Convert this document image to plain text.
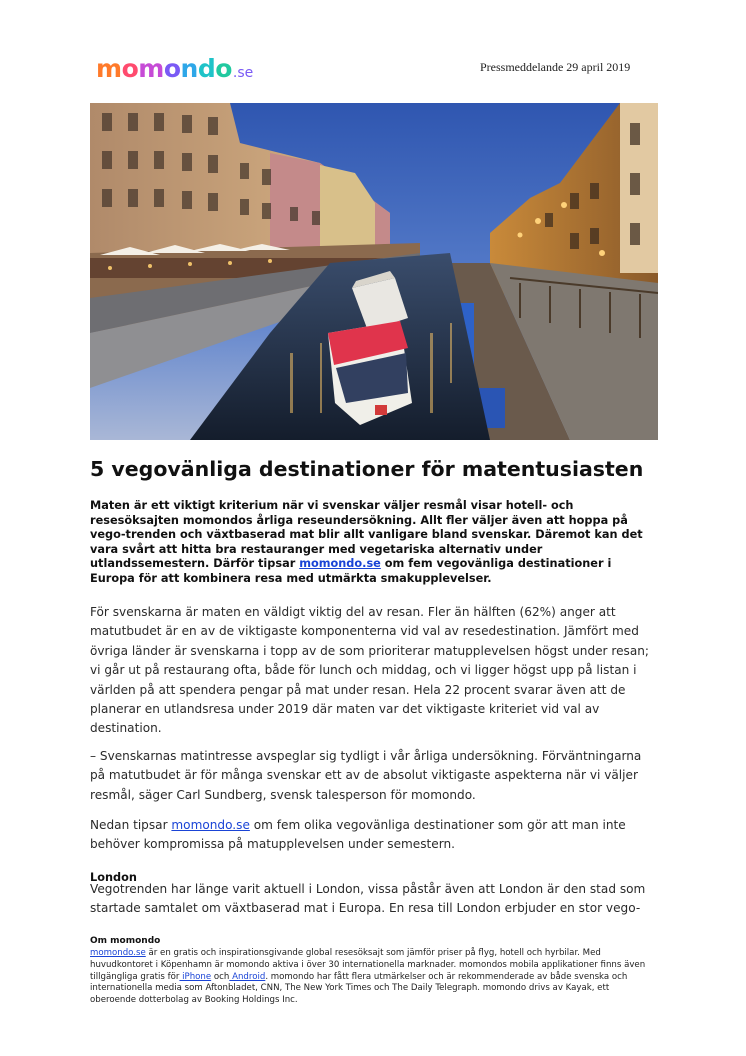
momondo.se	Pressmeddelande 29 april 2019
5 vegovänliga destinationer för matentusiasten

Maten är ett viktigt kriterium när vi svenskar väljer resmål visar hotell- och resesöksajten momondos årliga reseundersökning. Allt fler väljer även att hoppa på vego-trenden och växtbaserad mat blir allt vanligare bland svenskar. Däremot kan det vara svårt att hitta bra restauranger med vegetariska alternativ under utlandssemestern. Därför tipsar momondo.se om fem vegovänliga destinationer i Europa för att kombinera resa med utmärkta smakupplevelser.

För svenskarna är maten en väldigt viktig del av resan. Fler än hälften (62%) anger att matutbudet är en av de viktigaste komponenterna vid val av resedestination. Jämfört med övriga länder är svenskarna i topp av de som prioriterar matupplevelsen högst under resan; vi går ut på restaurang ofta, både för lunch och middag, och vi ligger högst upp på listan i världen på att spendera pengar på mat under resan. Hela 22 procent svarar även att de planerar en utlandsresa under 2019 där maten var det viktigaste kriteriet vid val av destination.

– Svenskarnas matintresse avspeglar sig tydligt i vår årliga undersökning. Förväntningarna på matutbudet är för många svenskar ett av de absolut viktigaste aspekterna när vi väljer resmål, säger Carl Sundberg, svensk talesperson för momondo.

Nedan tipsar momondo.se om fem olika vegovänliga destinationer som gör att man inte behöver kompromissa på matupplevelsen under semestern.

London

Vegotrenden har länge varit aktuell i London, vissa påstår även att London är den stad som startade samtalet om växtbaserad mat i Europa. En resa till London erbjuder en stor vego-

Om momondo

momondo.se är en gratis och inspirationsgivande global resesöksajt som jämför priser på flyg, hotell och hyrbilar. Med huvudkontoret i Köpenhamn är momondo aktiva i över 30 internationella marknader. momondos mobila applikationer finns även tillgängliga gratis för iPhone och Android. momondo har fått flera utmärkelser och är rekommenderade av både svenska och internationella media som Aftonbladet, CNN, The New York Times och The Daily Telegraph. momondo drivs av Kayak, ett oberoende dotterbolag av Booking Holdings Inc.
